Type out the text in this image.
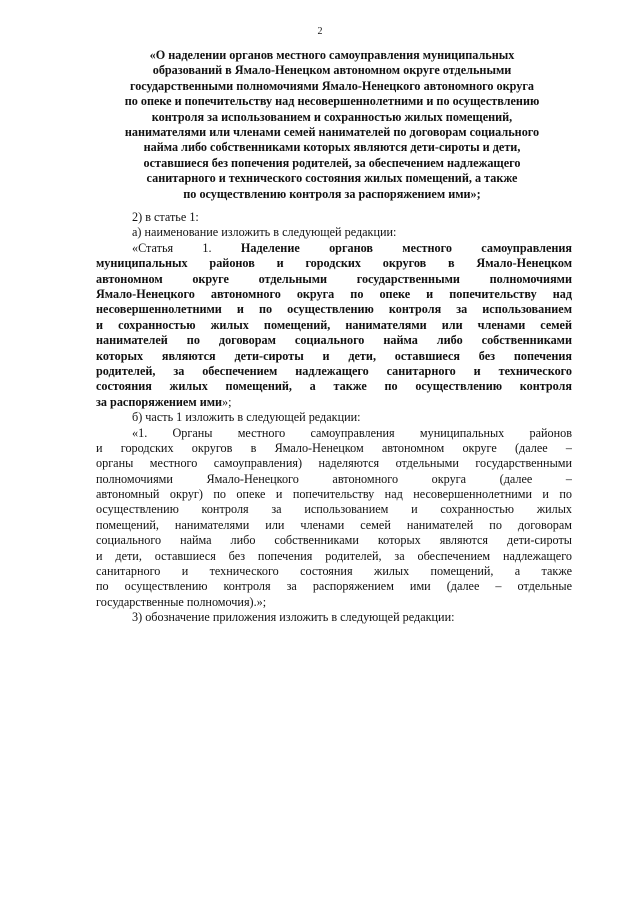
2
«О наделении органов местного самоуправления муниципальных
образований в Ямало-Ненецком автономном округе отдельными
государственными полномочиями Ямало-Ненецкого автономного округа
по опеке и попечительству над несовершеннолетними и по осуществлению
контроля за использованием и сохранностью жилых помещений,
нанимателями или членами семей нанимателей по договорам социального
найма либо собственниками которых являются дети-сироты и дети,
оставшиеся без попечения родителей, за обеспечением надлежащего
санитарного и технического состояния жилых помещений, а также
по осуществлению контроля за распоряжением ими»;
2) в статье 1:
а) наименование изложить в следующей редакции:
«Статья 1. Наделение органов местного самоуправления
муниципальных районов и городских округов в Ямало-Ненецком
автономном округе отдельными государственными полномочиями
Ямало-Ненецкого автономного округа по опеке и попечительству над
несовершеннолетними и по осуществлению контроля за использованием
и сохранностью жилых помещений, нанимателями или членами семей
нанимателей по договорам социального найма либо собственниками
которых являются дети-сироты и дети, оставшиеся без попечения
родителей, за обеспечением надлежащего санитарного и технического
состояния жилых помещений, а также по осуществлению контроля
за распоряжением ими»;
б) часть 1 изложить в следующей редакции:
«1. Органы местного самоуправления муниципальных районов
и городских округов в Ямало-Ненецком автономном округе (далее –
органы местного самоуправления) наделяются отдельными государственными
полномочиями Ямало-Ненецкого автономного округа (далее –
автономный округ) по опеке и попечительству над несовершеннолетними и по
осуществлению контроля за использованием и сохранностью жилых
помещений, нанимателями или членами семей нанимателей по договорам
социального найма либо собственниками которых являются дети-сироты
и дети, оставшиеся без попечения родителей, за обеспечением надлежащего
санитарного и технического состояния жилых помещений, а также
по осуществлению контроля за распоряжением ими (далее – отдельные
государственные полномочия).»;
3) обозначение приложения изложить в следующей редакции:
